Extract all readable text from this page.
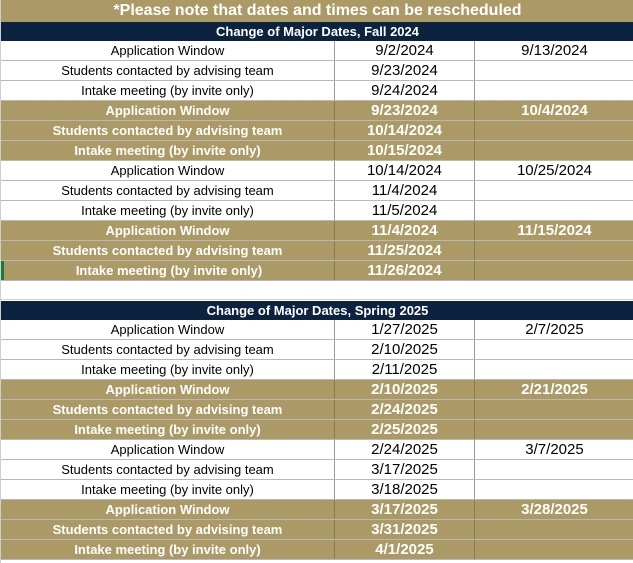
*Please note that dates and times can be rescheduled
Change of Major Dates, Fall 2024
Application Window	9/2/2024	9/13/2024
Students contacted by advising team	9/23/2024
Intake meeting (by invite only)	9/24/2024
Application Window	9/23/2024	10/4/2024
Students contacted by advising team	10/14/2024
Intake meeting (by invite only)	10/15/2024
Application Window	10/14/2024	10/25/2024
Students contacted by advising team	11/4/2024
Intake meeting (by invite only)	11/5/2024
Application Window	11/4/2024	11/15/2024
Students contacted by advising team	11/25/2024
Intake meeting (by invite only)	11/26/2024
Change of Major Dates, Spring 2025
Application Window	1/27/2025	2/7/2025
Students contacted by advising team	2/10/2025
Intake meeting (by invite only)	2/11/2025
Application Window	2/10/2025	2/21/2025
Students contacted by advising team	2/24/2025
Intake meeting (by invite only)	2/25/2025
Application Window	2/24/2025	3/7/2025
Students contacted by advising team	3/17/2025
Intake meeting (by invite only)	3/18/2025
Application Window	3/17/2025	3/28/2025
Students contacted by advising team	3/31/2025
Intake meeting (by invite only)	4/1/2025
